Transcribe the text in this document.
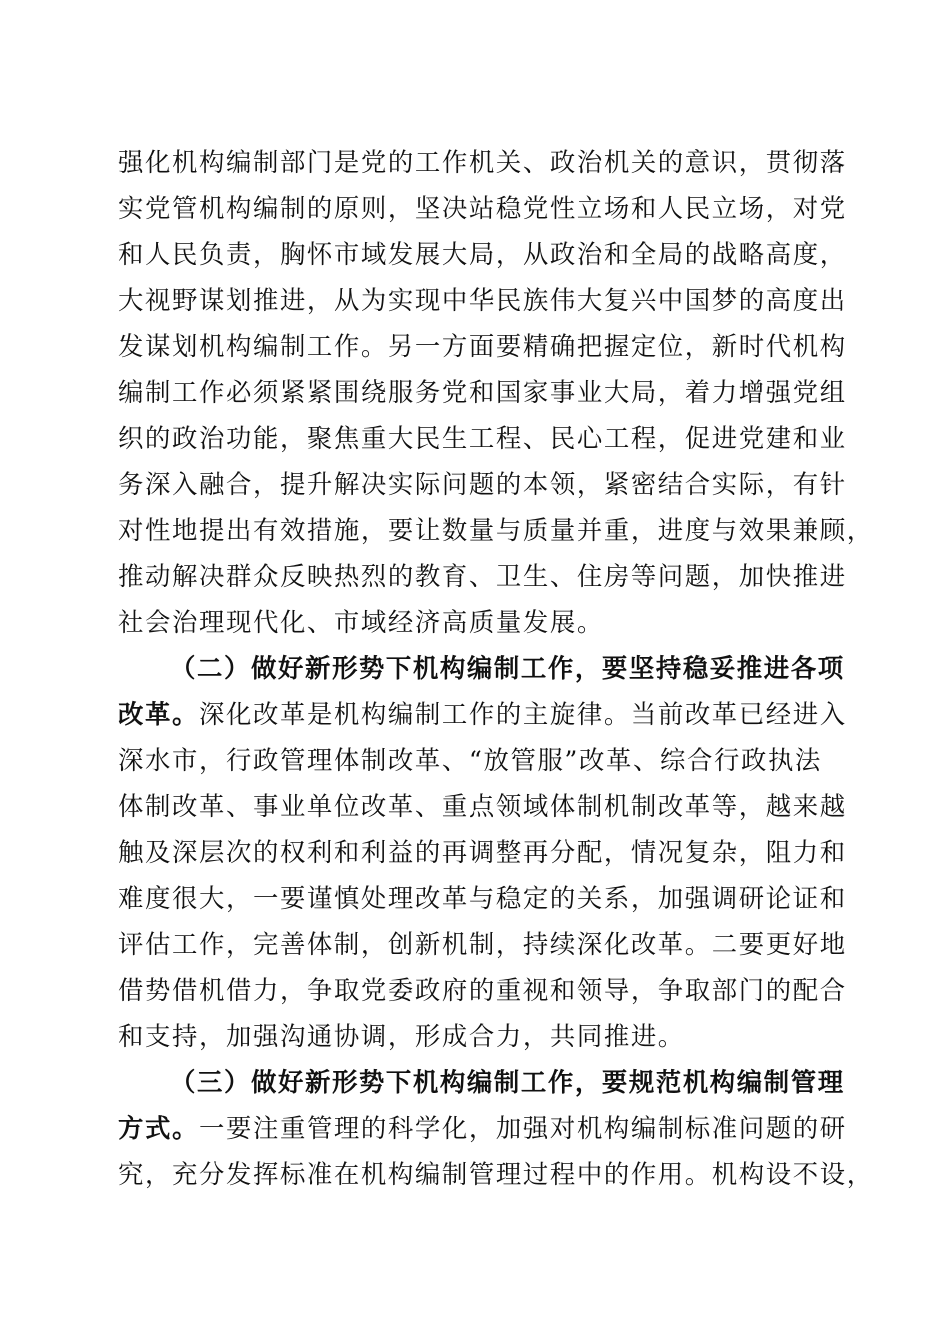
强化机构编制部门是党的工作机关、政治机关的意识，贯彻落
实党管机构编制的原则，坚决站稳党性立场和人民立场，对党
和人民负责，胸怀市域发展大局，从政治和全局的战略高度，
大视野谋划推进，从为实现中华民族伟大复兴中国梦的高度出
发谋划机构编制工作。另一方面要精确把握定位，新时代机构
编制工作必须紧紧围绕服务党和国家事业大局，着力增强党组
织的政治功能，聚焦重大民生工程、民心工程，促进党建和业
务深入融合，提升解决实际问题的本领，紧密结合实际，有针
对性地提出有效措施，要让数量与质量并重，进度与效果兼顾，
推动解决群众反映热烈的教育、卫生、住房等问题，加快推进
社会治理现代化、市域经济高质量发展。
（二）做好新形势下机构编制工作，要坚持稳妥推进各项
改革。深化改革是机构编制工作的主旋律。当前改革已经进入
深水市，行政管理体制改革、“放管服”改革、综合行政执法
体制改革、事业单位改革、重点领域体制机制改革等，越来越
触及深层次的权利和利益的再调整再分配，情况复杂，阻力和
难度很大，一要谨慎处理改革与稳定的关系，加强调研论证和
评估工作，完善体制，创新机制，持续深化改革。二要更好地
借势借机借力，争取党委政府的重视和领导，争取部门的配合
和支持，加强沟通协调，形成合力，共同推进。
（三）做好新形势下机构编制工作，要规范机构编制管理
方式。一要注重管理的科学化，加强对机构编制标准问题的研
究，充分发挥标准在机构编制管理过程中的作用。机构设不设，
